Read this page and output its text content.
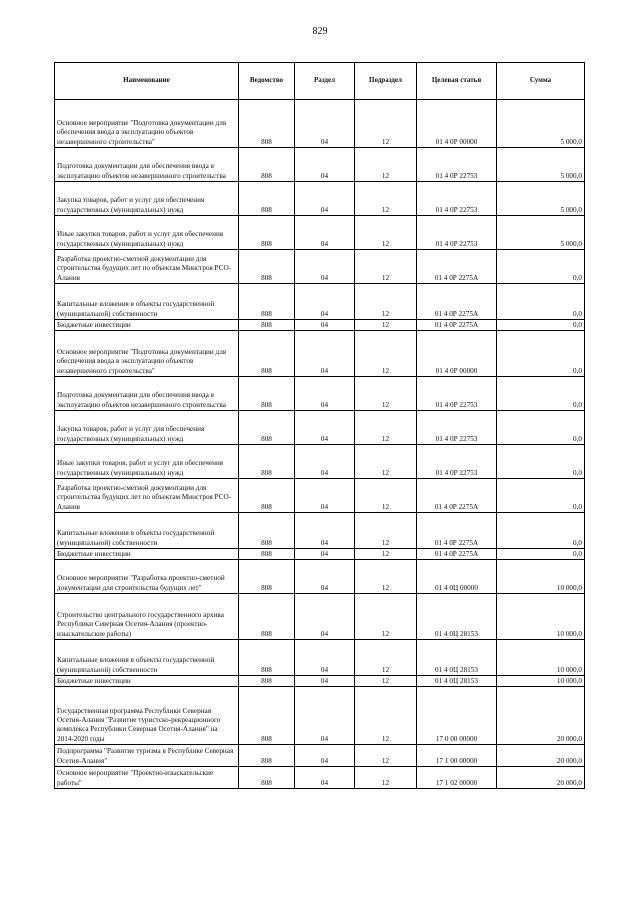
829
Наименование	Ведомство	Раздел	Подраздел	Целевая статья	Сумма
Основное мероприятие "Подготовка документации для обеспечения ввода в эксплуатацию объектов незавершенного строительства"	808	04	12	01 4 0Р 00000	5 000,0
Подготовка документации для обеспечения ввода в эксплуатацию объектов незавершенного строительства	808	04	12	01 4 0Р 22753	5 000,0
Закупка товаров, работ и услуг для обеспечения государственных (муниципальных) нужд	808	04	12	01 4 0Р 22753	5 000,0
Иные закупки товаров, работ и услуг для обеспечения государственных (муниципальных) нужд	808	04	12	01 4 0Р 22753	5 000,0
Разработка проектно-сметной документации для строительства будущих лет по объектам Минстроя РСО-Алания	808	04	12	01 4 0Р 2275А	0,0
Капитальные вложения в объекты государственной (муниципальной) собственности	808	04	12	01 4 0Р 2275А	0,0
Бюджетные инвестиции	808	04	12	01 4 0Р 2275А	0,0
Основное мероприятие "Подготовка документации для обеспечения ввода в эксплуатацию объектов незавершенного строительства"	808	04	12	01 4 0Р 00000	0,0
Подготовка документации для обеспечения ввода в эксплуатацию объектов незавершенного строительства	808	04	12	01 4 0Р 22753	0,0
Закупка товаров, работ и услуг для обеспечения государственных (муниципальных) нужд	808	04	12	01 4 0Р 22753	0,0
Иные закупки товаров, работ и услуг для обеспечения государственных (муниципальных) нужд	808	04	12	01 4 0Р 22753	0,0
Разработка проектно-сметной документации для строительства будущих лет по объектам Минстроя РСО-Алания	808	04	12	01 4 0Р 2275А	0,0
Капитальные вложения в объекты государственной (муниципальной) собственности	808	04	12	01 4 0Р 2275А	0,0
Бюджетные инвестиции	808	04	12	01 4 0Р 2275А	0,0
Основное мероприятие "Разработка проектно-сметной документации для строительства будущих лет"	808	04	12	01 4 0Ц 00000	10 000,0
Строительство центрального государственного архива Республики Северная Осетия-Алания (проектно-изыскательские работы)	808	04	12	01 4 0Ц 28153	10 000,0
Капитальные вложения в объекты государственной (муниципальной) собственности	808	04	12	01 4 0Ц 28153	10 000,0
Бюджетные инвестиции	808	04	12	01 4 0Ц 28153	10 000,0
Государственная программа Республики Северная Осетия-Алания "Развитие туристско-рекреационного комплекса Республики Северная Осетия-Алания" на 2014-2020 годы	808	04	12	17 0 00 00000	20 000,0
Подпрограмма "Развитие туризма в Республике Северная Осетия-Алания"	808	04	12	17 1 00 00000	20 000,0
Основное мероприятие "Проектно-изыскательские работы"	808	04	12	17 1 02 00000	20 000,0
